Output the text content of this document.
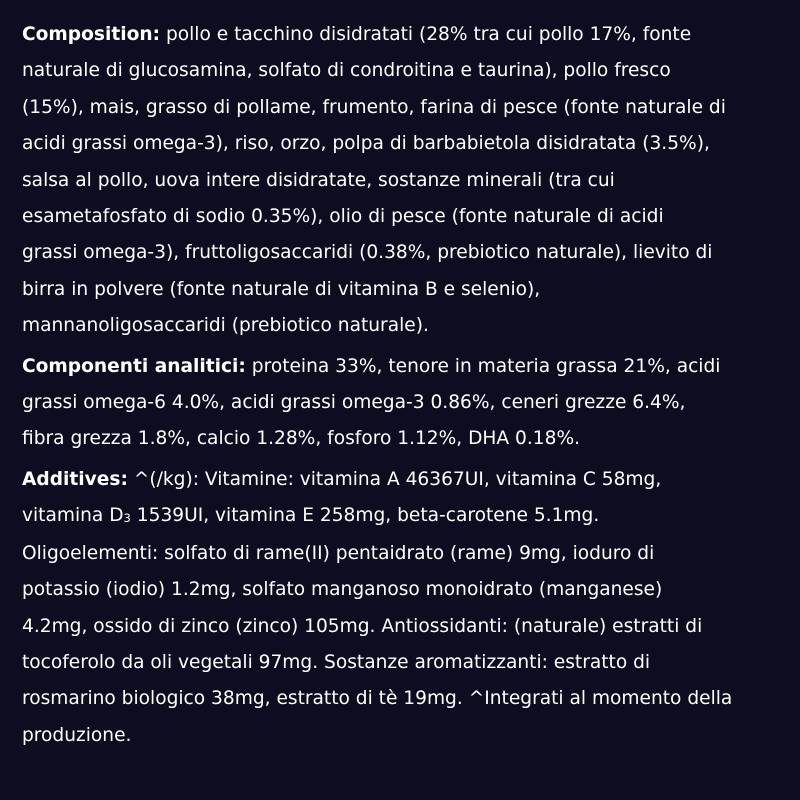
Composition: pollo e tacchino disidratati (28% tra cui pollo 17%, fonte
naturale di glucosamina, solfato di condroitina e taurina), pollo fresco
(15%), mais, grasso di pollame, frumento, farina di pesce (fonte naturale di
acidi grassi omega-3), riso, orzo, polpa di barbabietola disidratata (3.5%),
salsa al pollo, uova intere disidratate, sostanze minerali (tra cui
esametafosfato di sodio 0.35%), olio di pesce (fonte naturale di acidi
grassi omega-3), fruttoligosaccaridi (0.38%, prebiotico naturale), lievito di
birra in polvere (fonte naturale di vitamina B e selenio),
mannanoligosaccaridi (prebiotico naturale).
Componenti analitici: proteina 33%, tenore in materia grassa 21%, acidi
grassi omega-6 4.0%, acidi grassi omega-3 0.86%, ceneri grezze 6.4%,
fibra grezza 1.8%, calcio 1.28%, fosforo 1.12%, DHA 0.18%.
Additives: ^(/kg): Vitamine: vitamina A 46367UI, vitamina C 58mg,
vitamina $D_3$ 1539UI, vitamina E 258mg, beta-carotene 5.1mg.
Oligoelementi: solfato di rame(II) pentaidrato (rame) 9mg, ioduro di
potassio (iodio) 1.2mg, solfato manganoso monoidrato (manganese)
4.2mg, ossido di zinco (zinco) 105mg. Antiossidanti: (naturale) estratti di
tocoferolo da oli vegetali 97mg. Sostanze aromatizzanti: estratto di
rosmarino biologico 38mg, estratto di tè 19mg. ^Integrati al momento della
produzione.
